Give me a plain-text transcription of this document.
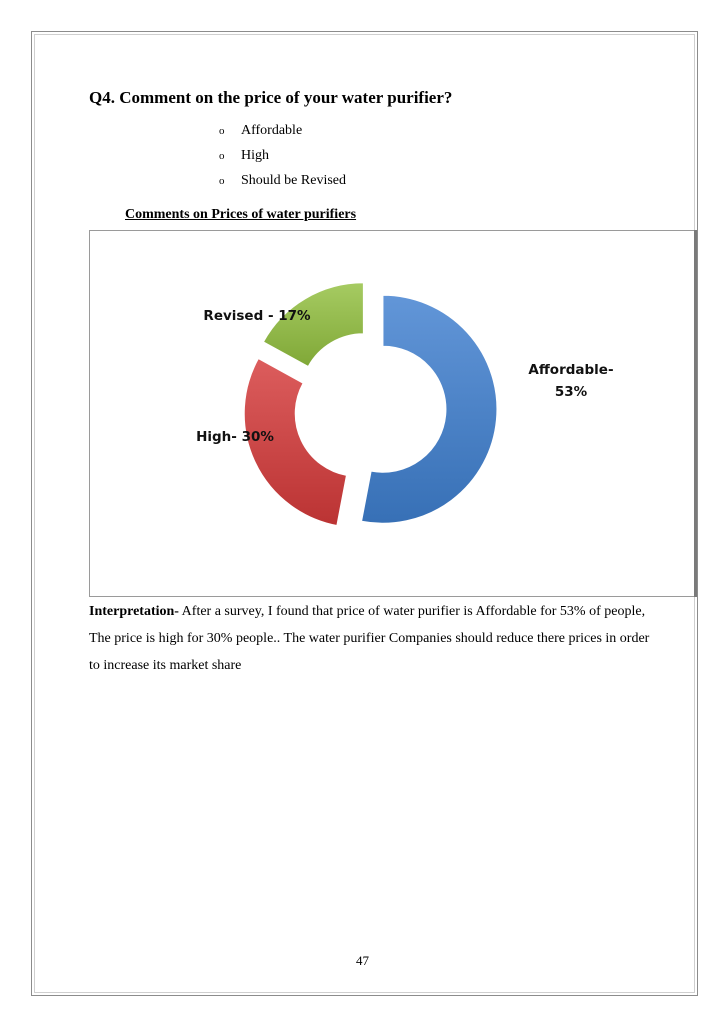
Q4. Comment on the price of your water purifier?
o	Affordable
o	High
o	Should be Revised
Comments on Prices of water purifiers
Affordable-53%
High- 30%
Revised - 17%
Interpretation- After a survey, I found that price of water purifier is Affordable for 53% of people, The price is high for 30% people.. The water purifier Companies should reduce there prices in order to increase its market share
47
